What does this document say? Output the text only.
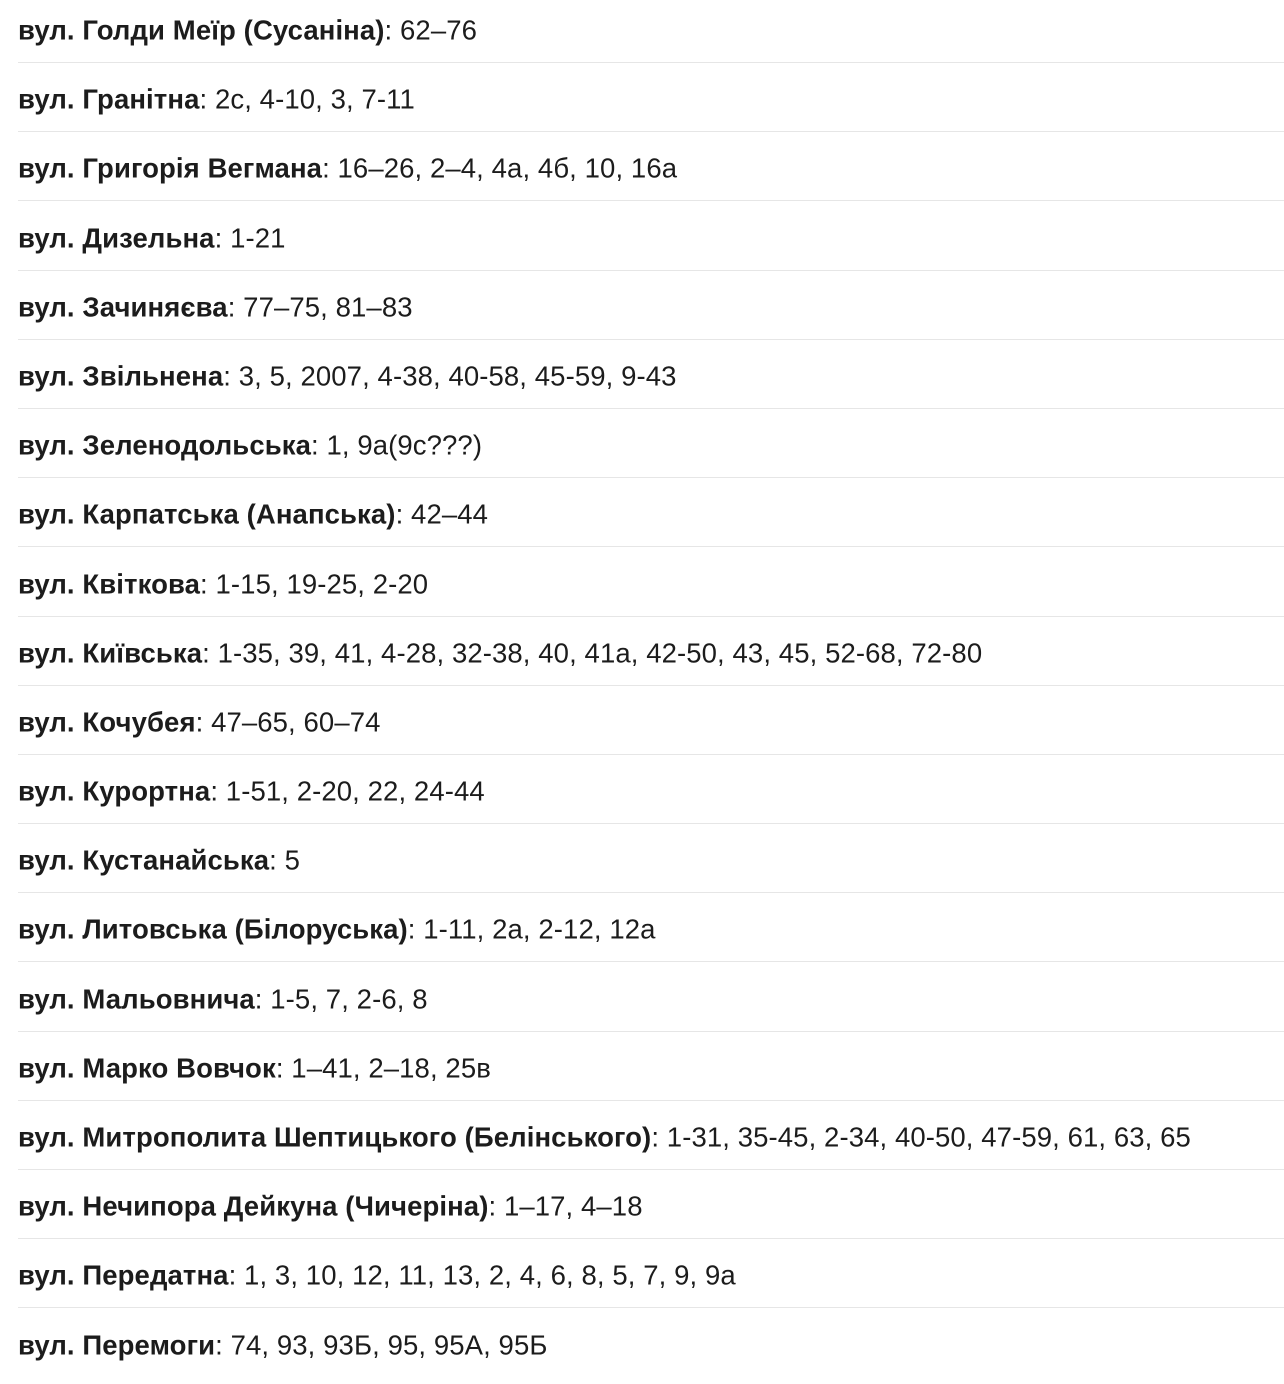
вул. Голди Меїр (Сусаніна): 62–76
вул. Гранітна: 2с, 4-10, 3, 7-11
вул. Григорія Вегмана: 16–26, 2–4, 4а, 4б, 10, 16а
вул. Дизельна: 1-21
вул. Зачиняєва: 77–75, 81–83
вул. Звільнена: 3, 5, 2007, 4-38, 40-58, 45-59, 9-43
вул. Зеленодольська: 1, 9а(9с???)
вул. Карпатська (Анапська): 42–44
вул. Квіткова: 1-15, 19-25, 2-20
вул. Київська: 1-35, 39, 41, 4-28, 32-38, 40, 41а, 42-50, 43, 45, 52-68, 72-80
вул. Кочубея: 47–65, 60–74
вул. Курортна: 1-51, 2-20, 22, 24-44
вул. Кустанайська: 5
вул. Литовська (Білоруська): 1-11, 2а, 2-12, 12а
вул. Мальовнича: 1-5, 7, 2-6, 8
вул. Марко Вовчок: 1–41, 2–18, 25в
вул. Митрополита Шептицького (Белінського): 1-31, 35-45, 2-34, 40-50, 47-59, 61, 63, 65
вул. Нечипора Дейкуна (Чичеріна): 1–17, 4–18
вул. Передатна: 1, 3, 10, 12, 11, 13, 2, 4, 6, 8, 5, 7, 9, 9а
вул. Перемоги: 74, 93, 93Б, 95, 95А, 95Б
